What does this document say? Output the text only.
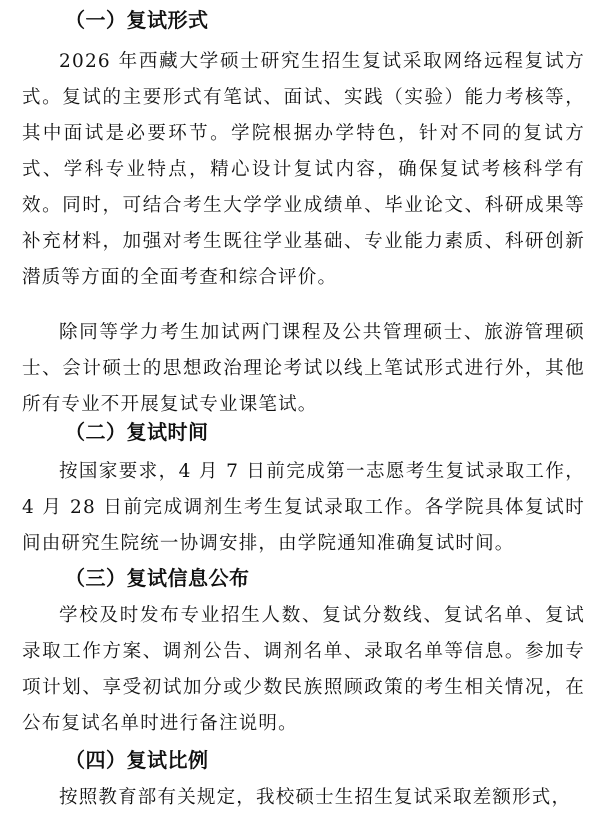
（一）复试形式

2026 年西藏大学硕士研究生招生复试采取网络远程复试方式。复试的主要形式有笔试、面试、实践（实验）能力考核等，其中面试是必要环节。学院根据办学特色，针对不同的复试方式、学科专业特点，精心设计复试内容，确保复试考核科学有效。同时，可结合考生大学学业成绩单、毕业论文、科研成果等补充材料，加强对考生既往学业基础、专业能力素质、科研创新潜质等方面的全面考查和综合评价。

除同等学力考生加试两门课程及公共管理硕士、旅游管理硕士、会计硕士的思想政治理论考试以线上笔试形式进行外，其他所有专业不开展复试专业课笔试。

（二）复试时间

按国家要求，4 月 7 日前完成第一志愿考生复试录取工作，4 月 28 日前完成调剂生考生复试录取工作。各学院具体复试时间由研究生院统一协调安排，由学院通知准确复试时间。

（三）复试信息公布

学校及时发布专业招生人数、复试分数线、复试名单、复试录取工作方案、调剂公告、调剂名单、录取名单等信息。参加专项计划、享受初试加分或少数民族照顾政策的考生相关情况，在公布复试名单时进行备注说明。

（四）复试比例

按照教育部有关规定，我校硕士生招生复试采取差额形式，
